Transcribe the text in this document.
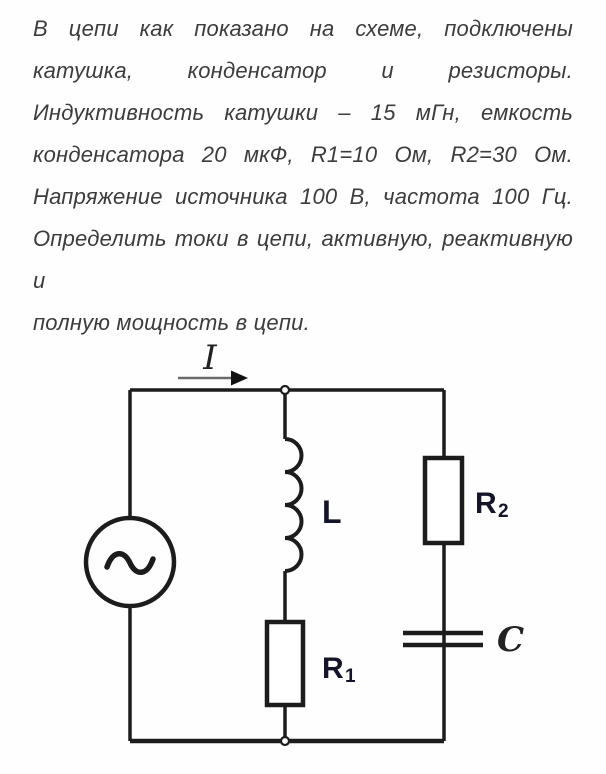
В цепи как показано на схеме, подключены
катушка, конденсатор и резисторы.
Индуктивность катушки – 15 мГн, емкость
конденсатора 20 мкФ, R1=10 Ом, R2=30 Ом.
Напряжение источника 100 В, частота 100 Гц.
Определить токи в цепи, активную, реактивную и
полную мощность в цепи.
I
L
R 1
R 2
C
